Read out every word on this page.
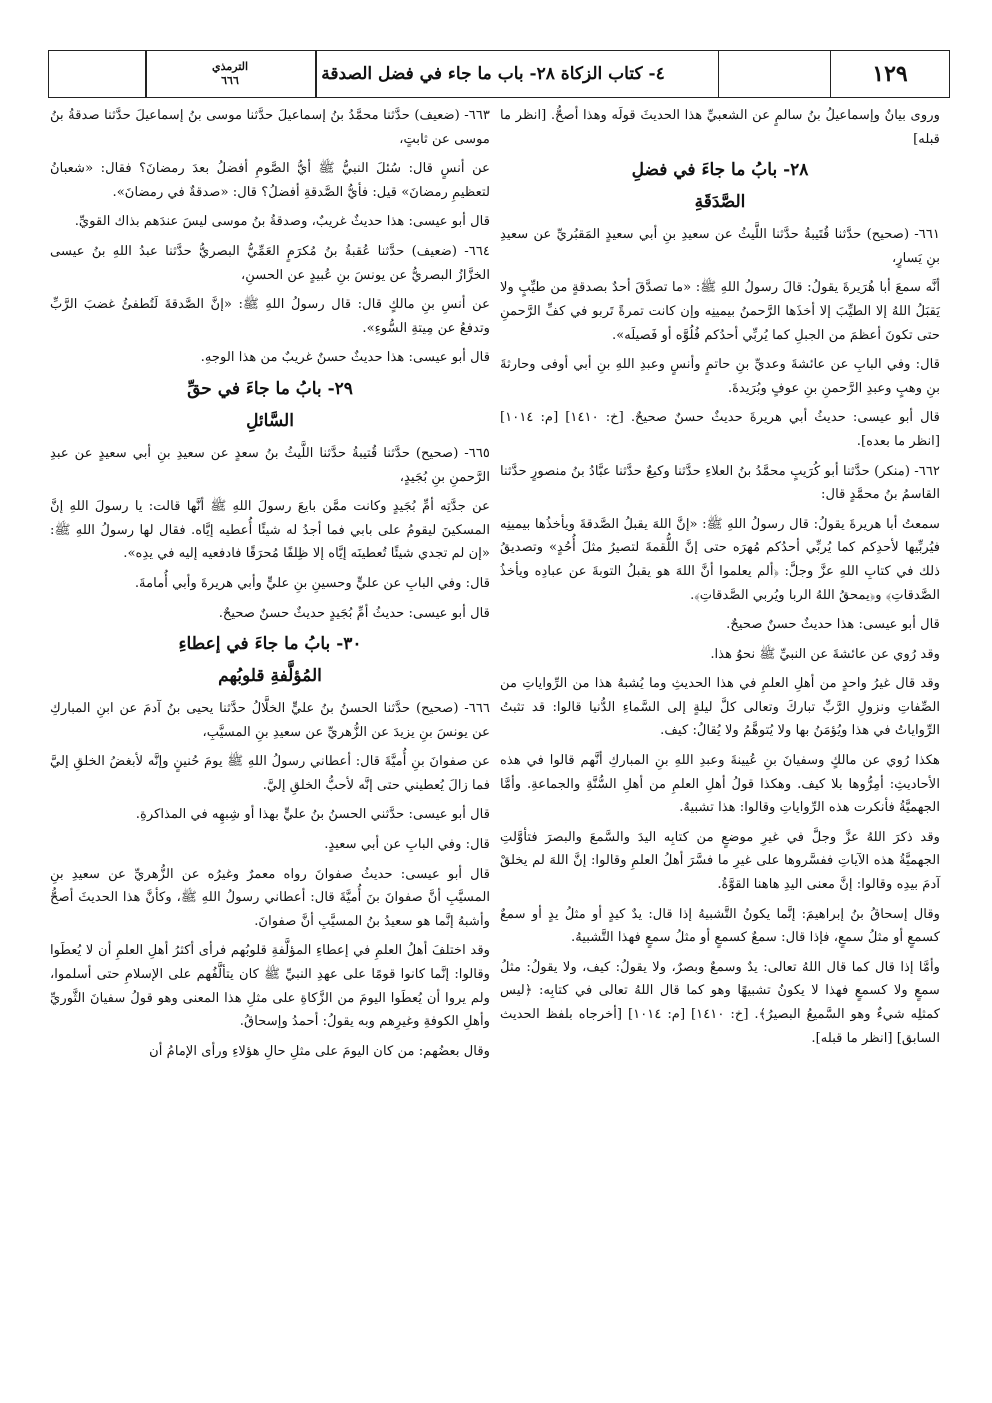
١٢٩
٤- كتاب الزكاة ٢٨- باب ما جاء في فضل الصدقة
الترمذي
٦٦٦

وروى بيانٌ وإسماعيلُ بنُ سالمٍ عن الشعبيِّ هذا الحديثَ قولَه وهذا أصحُّ. [انظر ما قبله]

٢٨- بابُ ما جاءَ في فضلِ
الصَّدَقَةِ

٦٦١- (صحيح) حدَّثنا قُتَيبةُ حدَّثنا اللَّيثُ عن سعيدِ بنِ أبي سعيدٍ المَقبُريِّ عن سعيدِ بنِ يَسارٍ،

أنَّه سمعَ أبا هُرَيرةَ يقولُ: قالَ رسولُ اللهِ ﷺ: «ما تصدَّقَ أحدٌ بصدقةٍ من طيِّبٍ ولا يَقبَلُ اللهُ إلا الطيِّبَ إلا أخذَها الرَّحمنُ بيمينِه وإن كانت تمرةً تَربو في كفِّ الرَّحمنِ حتى تكونَ أعظمَ من الجبلِ كما يُربِّي أحدُكم فُلُوَّه أو فَصيلَه».

قال: وفي البابِ عن عائشةَ وعديِّ بنِ حاتمٍ وأنسٍ وعبدِ اللهِ بنِ أبي أوفى وحارثةَ بنِ وهبٍ وعبدِ الرَّحمنِ بنِ عوفٍ وبُرَيدةَ.

قال أبو عيسى: حديثُ أبي هريرةَ حديثٌ حسنٌ صحيحٌ. [خ: ١٤١٠] [م: ١٠١٤] [انظر ما بعده].

٦٦٢- (منكر) حدَّثنا أبو كُرَيبٍ محمَّدُ بنُ العلاءِ حدَّثنا وكيعٌ حدَّثنا عبَّادُ بنُ منصورٍ حدَّثنا القاسمُ بنُ محمَّدٍ قال:

سمعتُ أبا هريرةَ يقولُ: قال رسولُ اللهِ ﷺ: «إنَّ اللهَ يقبلُ الصَّدقةَ ويأخذُها بيمينِه فيُربِّيها لأحدِكم كما يُربِّي أحدُكم مُهرَه حتى إنَّ اللُّقمةَ لتصيرُ مثلَ أُحُدٍ» وتصديقُ ذلك في كتابِ اللهِ عزَّ وجلَّ: ﴿ألم يعلموا أنَّ اللهَ هو يقبلُ التوبةَ عن عبادِه ويأخذُ الصَّدقاتِ﴾ و﴿يمحقُ اللهُ الربا ويُربي الصَّدقاتِ﴾.

قال أبو عيسى: هذا حديثٌ حسنٌ صحيحٌ.

وقد رُوي عن عائشةَ عن النبيِّ ﷺ نحوُ هذا.

وقد قال غيرُ واحدٍ من أهلِ العلمِ في هذا الحديثِ وما يُشبهُ هذا من الرِّواياتِ من الصِّفاتِ ونزولِ الرَّبِّ تباركَ وتعالى كلَّ ليلةٍ إلى السَّماءِ الدُّنيا قالوا: قد تثبتُ الرِّواياتُ في هذا ويُؤمَنُ بها ولا يُتوهَّمُ ولا يُقالُ: كيف.

هكذا رُوي عن مالكٍ وسفيانَ بنِ عُيينةَ وعبدِ اللهِ بنِ المباركِ أنَّهم قالوا في هذه الأحاديثِ: أمِرُّوها بلا كيف. وهكذا قولُ أهلِ العلمِ من أهلِ السُّنَّةِ والجماعةِ. وأمَّا الجهميَّةُ فأنكرت هذه الرِّواياتِ وقالوا: هذا تشبيهٌ.

وقد ذكرَ اللهُ عزَّ وجلَّ في غيرِ موضعٍ من كتابِه اليدَ والسَّمعَ والبصرَ فتأوَّلتِ الجهميَّةُ هذه الآياتِ ففسَّروها على غيرِ ما فسَّرَ أهلُ العلمِ وقالوا: إنَّ اللهَ لم يخلقْ آدمَ بيدِه وقالوا: إنَّ معنى اليدِ هاهنا القوَّةُ.

وقال إسحاقُ بنُ إبراهيمَ: إنَّما يكونُ التَّشبيهُ إذا قال: يدٌ كيدٍ أو مثلُ يدٍ أو سمعٌ كسمعٍ أو مثلُ سمعٍ، فإذا قال: سمعٌ كسمعٍ أو مثلُ سمعٍ فهذا التَّشبيهُ.

وأمَّا إذا قال كما قال اللهُ تعالى: يدٌ وسمعٌ وبصرٌ، ولا يقولُ: كيف، ولا يقولُ: مثلُ سمعٍ ولا كسمعٍ فهذا لا يكونُ تشبيهًا وهو كما قال اللهُ تعالى في كتابِه: ﴿ليس كمثلِه شيءٌ وهو السَّميعُ البصيرُ﴾. [خ: ١٤١٠] [م: ١٠١٤] [أخرجاه بلفظ الحديث السابق] [انظر ما قبله].

٦٦٣- (ضعيف) حدَّثنا محمَّدُ بنُ إسماعيلَ حدَّثنا موسى بنُ إسماعيلَ حدَّثنا صدقةُ بنُ موسى عن ثابتٍ،

عن أنسٍ قال: سُئلَ النبيُّ ﷺ أيُّ الصَّومِ أفضلُ بعدَ رمضانَ؟ فقال: «شعبانُ لتعظيمِ رمضانَ» قيل: فأيُّ الصَّدقةِ أفضلُ؟ قال: «صدقةٌ في رمضانَ».

قال أبو عيسى: هذا حديثٌ غريبٌ، وصدقةُ بنُ موسى ليسَ عندَهم بذاك القويِّ.

٦٦٤- (ضعيف) حدَّثنا عُقبةُ بنُ مُكرَمٍ العَمِّيُّ البصريُّ حدَّثنا عبدُ اللهِ بنُ عيسى الخزَّازُ البصريُّ عن يونسَ بنِ عُبيدٍ عن الحسنِ،

عن أنسِ بنِ مالكٍ قال: قال رسولُ اللهِ ﷺ: «إنَّ الصَّدقةَ لَتُطفئُ غضبَ الرَّبِّ وتدفعُ عن مِيتةِ السُّوءِ».

قال أبو عيسى: هذا حديثٌ حسنٌ غريبٌ من هذا الوجهِ.

٢٩- بابُ ما جاءَ في حقِّ
السَّائلِ

٦٦٥- (صحيح) حدَّثنا قُتيبةُ حدَّثنا اللَّيثُ بنُ سعدٍ عن سعيدِ بنِ أبي سعيدٍ عن عبدِ الرَّحمنِ بنِ بُجَيدٍ،

عن جدَّتِه أمِّ بُجَيدٍ وكانت ممَّن بايعَ رسولَ اللهِ ﷺ أنَّها قالت: يا رسولَ اللهِ إنَّ المسكينَ ليقومُ على بابي فما أجدُ له شيئًا أُعطيه إيَّاه. فقال لها رسولُ اللهِ ﷺ: «إن لم تجدي شيئًا تُعطينَه إيَّاه إلا ظِلفًا مُحرَقًا فادفعيه إليه في يدِه».

قال: وفي البابِ عن عليٍّ وحسينِ بنِ عليٍّ وأبي هريرةَ وأبي أُمامةَ.

قال أبو عيسى: حديثُ أمِّ بُجَيدٍ حديثٌ حسنٌ صحيحٌ.

٣٠- بابُ ما جاءَ في إعطاءِ
المُؤلَّفةِ قلوبُهم

٦٦٦- (صحيح) حدَّثنا الحسنُ بنُ عليٍّ الخلَّالُ حدَّثنا يحيى بنُ آدمَ عن ابنِ المباركِ عن يونسَ بنِ يزيدَ عن الزُّهريِّ عن سعيدِ بنِ المسيَّبِ،

عن صفوانَ بنِ أُميَّةَ قال: أعطاني رسولُ اللهِ ﷺ يومَ حُنينٍ وإنَّه لأبغضُ الخلقِ إليَّ فما زالَ يُعطيني حتى إنَّه لأحبُّ الخلقِ إليَّ.

قال أبو عيسى: حدَّثني الحسنُ بنُ عليٍّ بهذا أو شِبهِه في المذاكرةِ.

قال: وفي البابِ عن أبي سعيدٍ.

قال أبو عيسى: حديثُ صفوانَ رواه معمرٌ وغيرُه عن الزُّهريِّ عن سعيدِ بنِ المسيَّبِ أنَّ صفوانَ بنَ أُميَّةَ قال: أعطاني رسولُ اللهِ ﷺ، وكأنَّ هذا الحديثَ أصحُّ وأشبهُ إنَّما هو سعيدُ بنُ المسيَّبِ أنَّ صفوانَ.

وقد اختلفَ أهلُ العلمِ في إعطاءِ المؤلَّفةِ قلوبُهم فرأى أكثرُ أهلِ العلمِ أن لا يُعطَوا وقالوا: إنَّما كانوا قومًا على عهدِ النبيِّ ﷺ كان يتألَّفُهم على الإسلامِ حتى أسلموا، ولم يروا أن يُعطَوا اليومَ من الزَّكاةِ على مثلِ هذا المعنى وهو قولُ سفيانَ الثَّوريِّ وأهلِ الكوفةِ وغيرِهم وبه يقولُ: أحمدُ وإسحاقُ.

وقال بعضُهم: من كان اليومَ على مثلِ حالِ هؤلاءِ ورأى الإمامُ أن
